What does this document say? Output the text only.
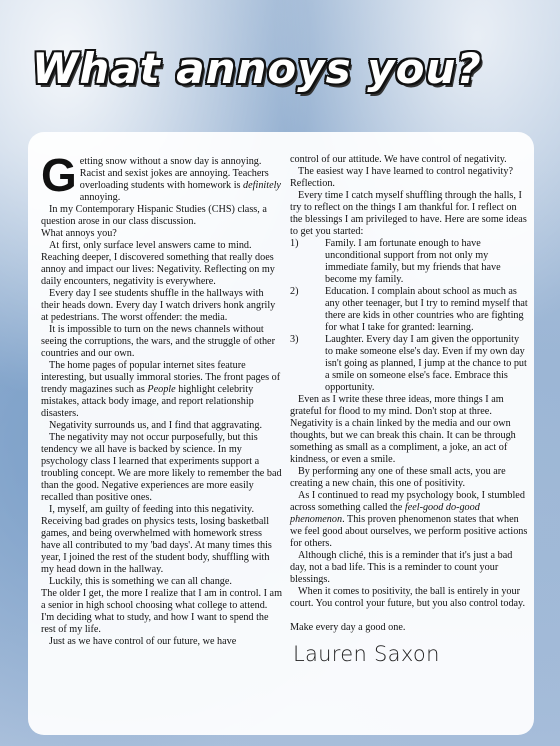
What annoys you?

Getting snow without a snow day is annoying. Racist and sexist jokes are annoying. Teachers overloading students with homework is definitely annoying.

In my Contemporary Hispanic Studies (CHS) class, a question arose in our class discussion.

What annoys you?

At first, only surface level answers came to mind. Reaching deeper, I discovered something that really does annoy and impact our lives: Negativity. Reflecting on my daily encounters, negativity is everywhere.

Every day I see students shuffle in the hallways with their heads down. Every day I watch drivers honk angrily at pedestrians. The worst offender: the media.

It is impossible to turn on the news channels without seeing the corruptions, the wars, and the struggle of other countries and our own.

The home pages of popular internet sites feature interesting, but usually immoral stories. The front pages of trendy magazines such as People highlight celebrity mistakes, attack body image, and report relationship disasters.

Negativity surrounds us, and I find that aggravating.

The negativity may not occur purposefully, but this tendency we all have is backed by science. In my psychology class I learned that experiments support a troubling concept. We are more likely to remember the bad than the good. Negative experiences are more easily recalled than positive ones.

I, myself, am guilty of feeding into this negativity. Receiving bad grades on physics tests, losing basketball games, and being overwhelmed with homework stress have all contributed to my 'bad days'. At many times this year, I joined the rest of the student body, shuffling with my head down in the hallway.

Luckily, this is something we can all change.

The older I get, the more I realize that I am in control. I am a senior in high school choosing what college to attend. I'm deciding what to study, and how I want to spend the rest of my life.

Just as we have control of our future, we have

control of our attitude. We have control of negativity.

The easiest way I have learned to control negativity? Reflection.

Every time I catch myself shuffling through the halls, I try to reflect on the things I am thankful for. I reflect on the blessings I am privileged to have. Here are some ideas to get you started:

1)	Family. I am fortunate enough to have unconditional support from not only my immediate family, but my friends that have become my family.
2)	Education. I complain about school as much as any other teenager, but I try to remind myself that there are kids in other countries who are fighting for what I take for granted: learning.
3)	Laughter. Every day I am given the opportunity to make someone else's day. Even if my own day isn't going as planned, I jump at the chance to put a smile on someone else's face. Embrace this opportunity.

Even as I write these three ideas, more things I am grateful for flood to my mind. Don't stop at three. Negativity is a chain linked by the media and our own thoughts, but we can break this chain. It can be through something as small as a compliment, a joke, an act of kindness, or even a smile.

By performing any one of these small acts, you are creating a new chain, this one of positivity.

As I continued to read my psychology book, I stumbled across something called the feel-good do-good phenomenon. This proven phenomenon states that when we feel good about ourselves, we perform positive actions for others.

Although cliché, this is a reminder that it's just a bad day, not a bad life. This is a reminder to count your blessings.

When it comes to positivity, the ball is entirely in your court. You control your future, but you also control today.

Make every day a good one.

Lauren Saxon
